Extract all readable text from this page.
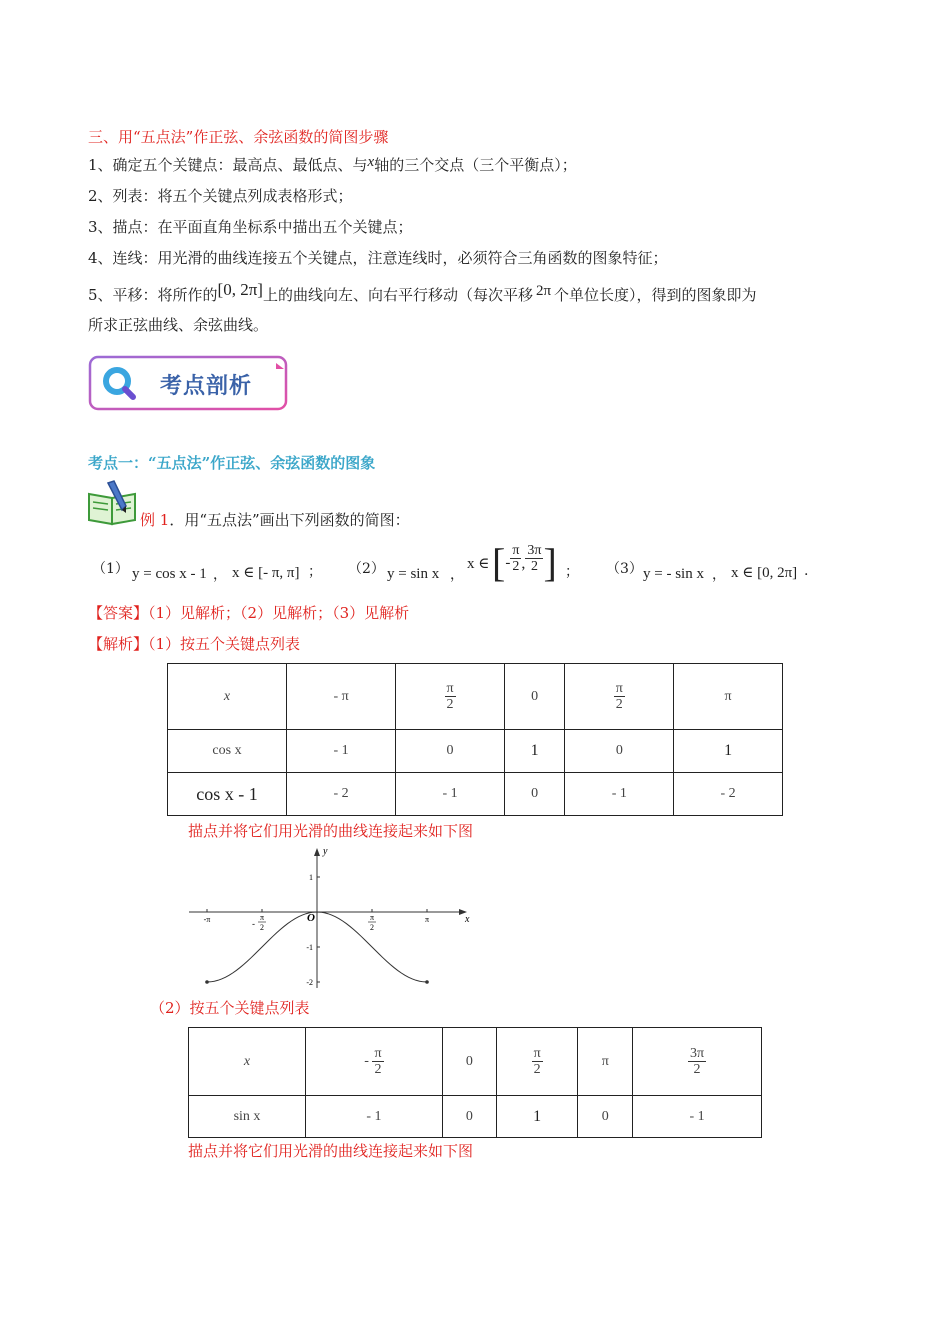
三、用“五点法”作正弦、余弦函数的简图步骤
1、确定五个关键点：最高点、最低点、与x轴的三个交点（三个平衡点）；
2、列表：将五个关键点列成表格形式；
3、描点：在平面直角坐标系中描出五个关键点；
4、连线：用光滑的曲线连接五个关键点，注意连线时，必须符合三角函数的图象特征；
5、平移：将所作的[0, 2π]上的曲线向左、向右平行移动（每次平移 2π 个单位长度），得到的图象即为
所求正弦曲线、余弦曲线。
考点剖析
考点一：“五点法”作正弦、余弦函数的图象
例 1．用“五点法”画出下列函数的简图：
（1） y = cos x - 1 ， x ∈ [- π, π] ； （2） y = sin x ，
x ∈ [- $\frac{\pi}{2}$ , $\frac{3\pi}{2}$ ] ； （3） y = - sin x ， x ∈ [0, 2π] .
【答案】（1）见解析；（2）见解析；（3）见解析
【解析】（1）按五个关键点列表
x	- π	$\frac{\pi}{2}$	0	$\frac{\pi}{2}$	π
cos x	- 1	0	1	0	1
cos x - 1	- 2	- 1	0	- 1	- 2
描点并将它们用光滑的曲线连接起来如下图
x
y
O
-π	π
2
-
π
2
π
1
-1
-2
（2）按五个关键点列表
x	- $\frac{\pi}{2}$	0	$\frac{\pi}{2}$	π	$\frac{3\pi}{2}$

sin x	- 1	0	1	0	- 1
描点并将它们用光滑的曲线连接起来如下图
